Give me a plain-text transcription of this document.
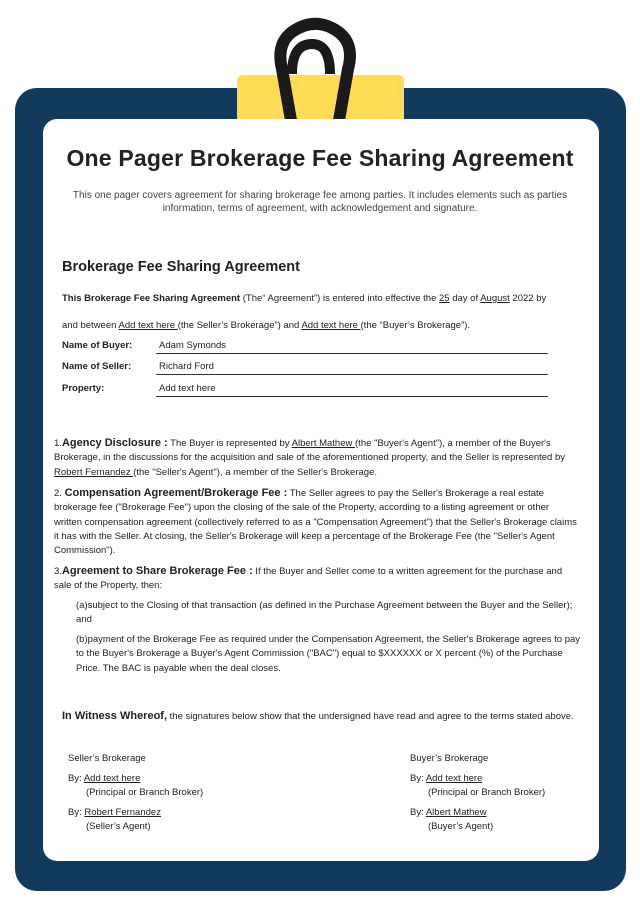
One Pager Brokerage Fee Sharing Agreement
This one pager covers agreement for sharing brokerage fee among parties. It includes elements such as parties information, terms of agreement, with acknowledgement and signature.
Brokerage Fee Sharing Agreement
This Brokerage Fee Sharing Agreement (The“ Agreement”) is entered into effective the 25 day of August 2022 by
and between Add text here (the Seller’s Brokerage”) and Add text here (the “Buyer’s Brokerage”).
Name of Buyer:	Adam Symonds
Name of Seller:	Richard Ford
Property:	Add text here
1.Agency Disclosure : The Buyer is represented by Albert Mathew (the "Buyer's Agent"), a member of the Buyer's Brokerage, in the discussions for the acquisition and sale of the aforementioned property, and the Seller is represented by Robert Fernandez (the "Seller's Agent"), a member of the Seller's Brokerage.
2. Compensation Agreement/Brokerage Fee : The Seller agrees to pay the Seller's Brokerage a real estate brokerage fee ("Brokerage Fee") upon the closing of the sale of the Property, according to a listing agreement or other written compensation agreement (collectively referred to as a "Compensation Agreement") that the Seller's Brokerage claims it has with the Seller. At closing, the Seller's Brokerage will keep a percentage of the Brokerage Fee (the "Seller's Agent Commission").
3.Agreement to Share Brokerage Fee : If the Buyer and Seller come to a written agreement for the purchase and sale of the Property, then:
(a)subject to the Closing of that transaction (as defined in the Purchase Agreement between the Buyer and the Seller); and
(b)payment of the Brokerage Fee as required under the Compensation Agreement, the Seller's Brokerage agrees to pay to the Buyer's Brokerage a Buyer's Agent Commission ("BAC") equal to $XXXXXX or X percent (%) of the Purchase Price. The BAC is payable when the deal closes.
In Witness Whereof, the signatures below show that the undersigned have read and agree to the terms stated above.
Seller’s Brokerage
By: Add text here
(Principal or Branch Broker)
By: Robert Fernandez
(Seller’s Agent)
Buyer’s Brokerage
By: Add text here
(Principal or Branch Broker)
By: Albert Mathew
(Buyer’s Agent)
